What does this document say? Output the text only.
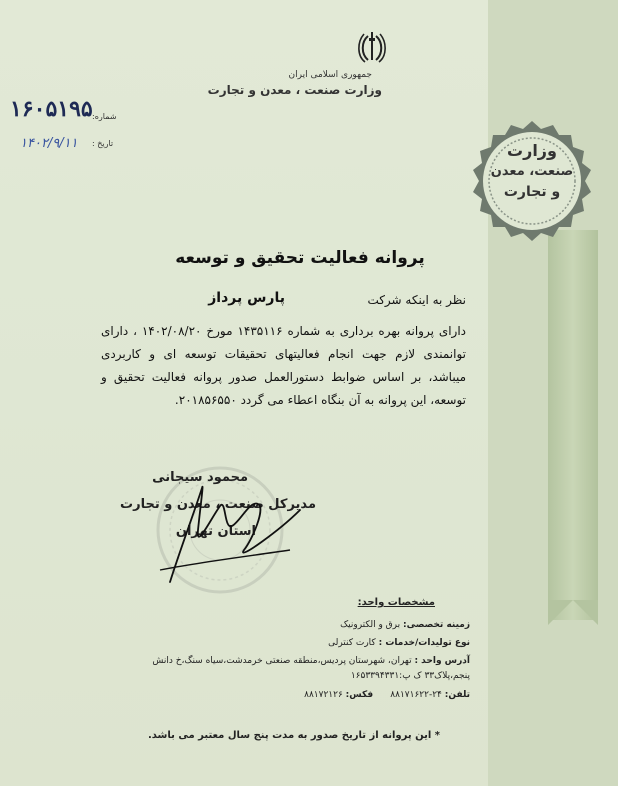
وزارت
صنعت، معدن
و تجارت
جمهوری اسلامی ایران
وزارت صنعت ، معدن و تجارت
۱۶۰۵۱۹۵ شماره:
۱۴۰۲/۹/۱۱ تاریخ :
پروانه فعالیت تحقیق و توسعه
نظر به اینکه شرکت
پارس پرداز
دارای پروانه بهره برداری به شماره ۱۴۳۵۱۱۶ مورخ ۱۴۰۲/۰۸/۲۰ ، دارای توانمندی لازم جهت انجام فعالیتهای تحقیقات توسعه ای و کاربردی میباشد، بر اساس ضوابط دستورالعمل صدور پروانه فعالیت تحقیق و توسعه، این پروانه به آن بنگاه اعطاء می گردد ۲۰۱۸۵۶۵۵۰.
محمود سیجانی
مدیرکل صنعت ، معدن و تجارت
استان تهران
مشخصات واحد:
زمینه تخصصی: برق و الکترونیک
نوع تولیدات/خدمات : کارت کنترلی
آدرس واحد : تهران، شهرستان پردیس،منطقه صنعتی خرمدشت،سیاه سنگ،خ دانش
پنجم،پلاک۳۳ ک پ:۱۶۵۳۳۹۴۳۳۱
تلفن: ۲۴-۸۸۱۷۱۶۲۲      فکس: ۸۸۱۷۲۱۲۶
* این پروانه از تاریخ صدور به مدت پنج سال معتبر می باشد.
